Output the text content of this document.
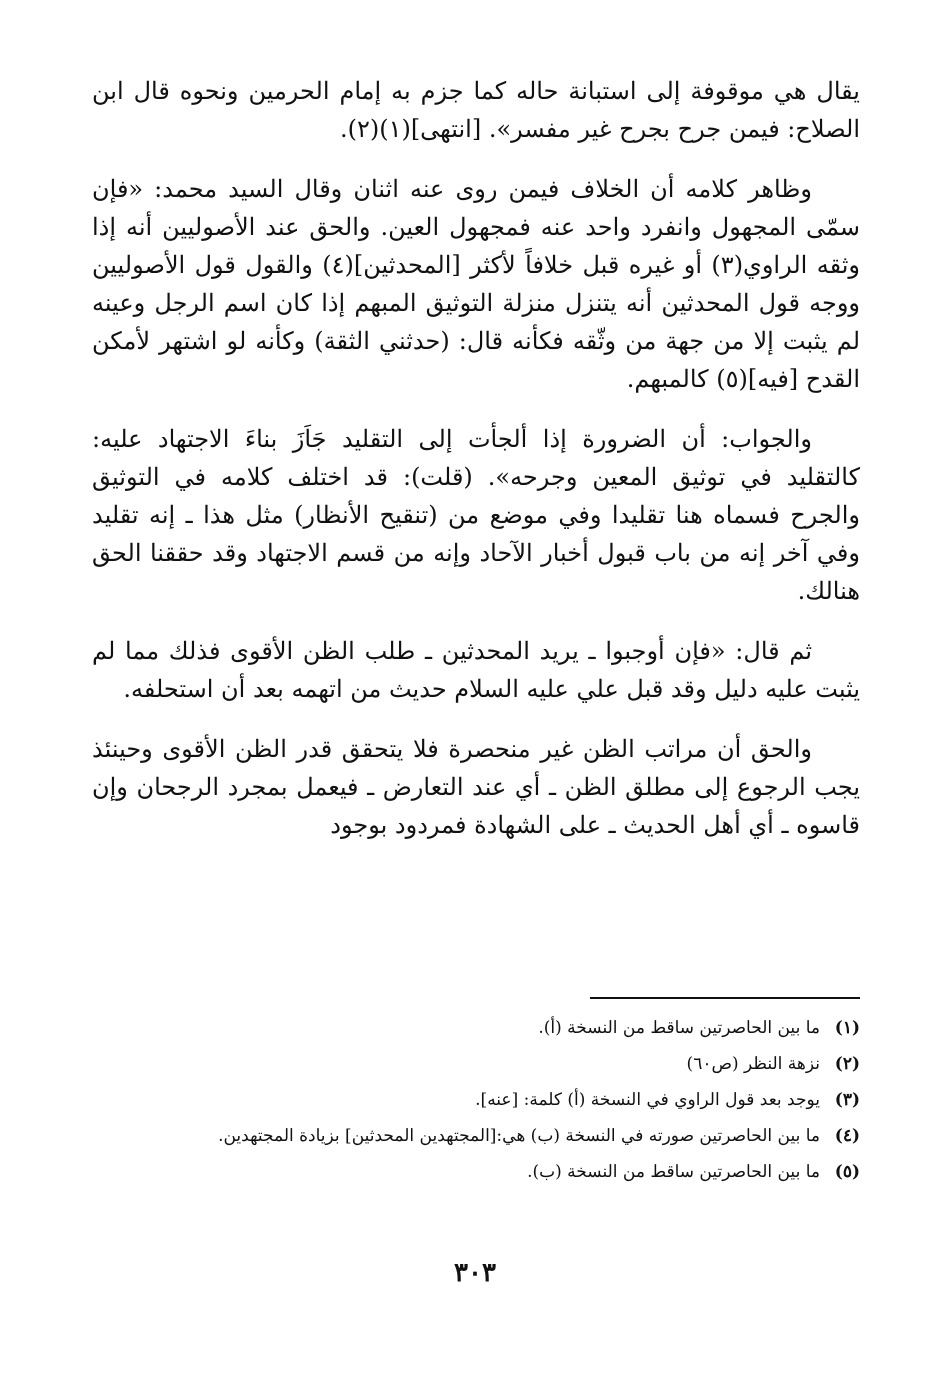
يقال هي موقوفة إلى استبانة حاله كما جزم به إمام الحرمين ونحوه قال ابن الصلاح: فيمن جرح بجرح غير مفسر». [انتهى](١)(٢).

وظاهر كلامه أن الخلاف فيمن روى عنه اثنان وقال السيد محمد: «فإن سمّى المجهول وانفرد واحد عنه فمجهول العين. والحق عند الأصوليين أنه إذا وثقه الراوي(٣) أو غيره قبل خلافاً لأكثر [المحدثين](٤) والقول قول الأصوليين ووجه قول المحدثين أنه يتنزل منزلة التوثيق المبهم إذا كان اسم الرجل وعينه لم يثبت إلا من جهة من وثّقه فكأنه قال: (حدثني الثقة) وكأنه لو اشتهر لأمكن القدح [فيه](٥) كالمبهم.

والجواب: أن الضرورة إذا ألجأت إلى التقليد جَاَزَ بناءَ الاجتهاد عليه: كالتقليد في توثيق المعين وجرحه». (قلت): قد اختلف كلامه في التوثيق والجرح فسماه هنا تقليدا وفي موضع من (تنقيح الأنظار) مثل هذا ـ إنه تقليد وفي آخر إنه من باب قبول أخبار الآحاد وإنه من قسم الاجتهاد وقد حققنا الحق هنالك.

ثم قال: «فإن أوجبوا ـ يريد المحدثين ـ طلب الظن الأقوى فذلك مما لم يثبت عليه دليل وقد قبل علي عليه السلام حديث من اتهمه بعد أن استحلفه.

والحق أن مراتب الظن غير منحصرة فلا يتحقق قدر الظن الأقوى وحينئذ يجب الرجوع إلى مطلق الظن ـ أي عند التعارض ـ فيعمل بمجرد الرجحان وإن قاسوه ـ أي أهل الحديث ـ على الشهادة فمردود بوجود

(١)
ما بين الحاصرتين ساقط من النسخة (أ).
(٢)
نزهة النظر (ص٦٠)
(٣)
يوجد بعد قول الراوي في النسخة (أ) كلمة: [عنه].
(٤)
ما بين الحاصرتين صورته في النسخة (ب) هي:[المجتهدين المحدثين] بزيادة المجتهدين.
(٥)
ما بين الحاصرتين ساقط من النسخة (ب).
٣٠٣
